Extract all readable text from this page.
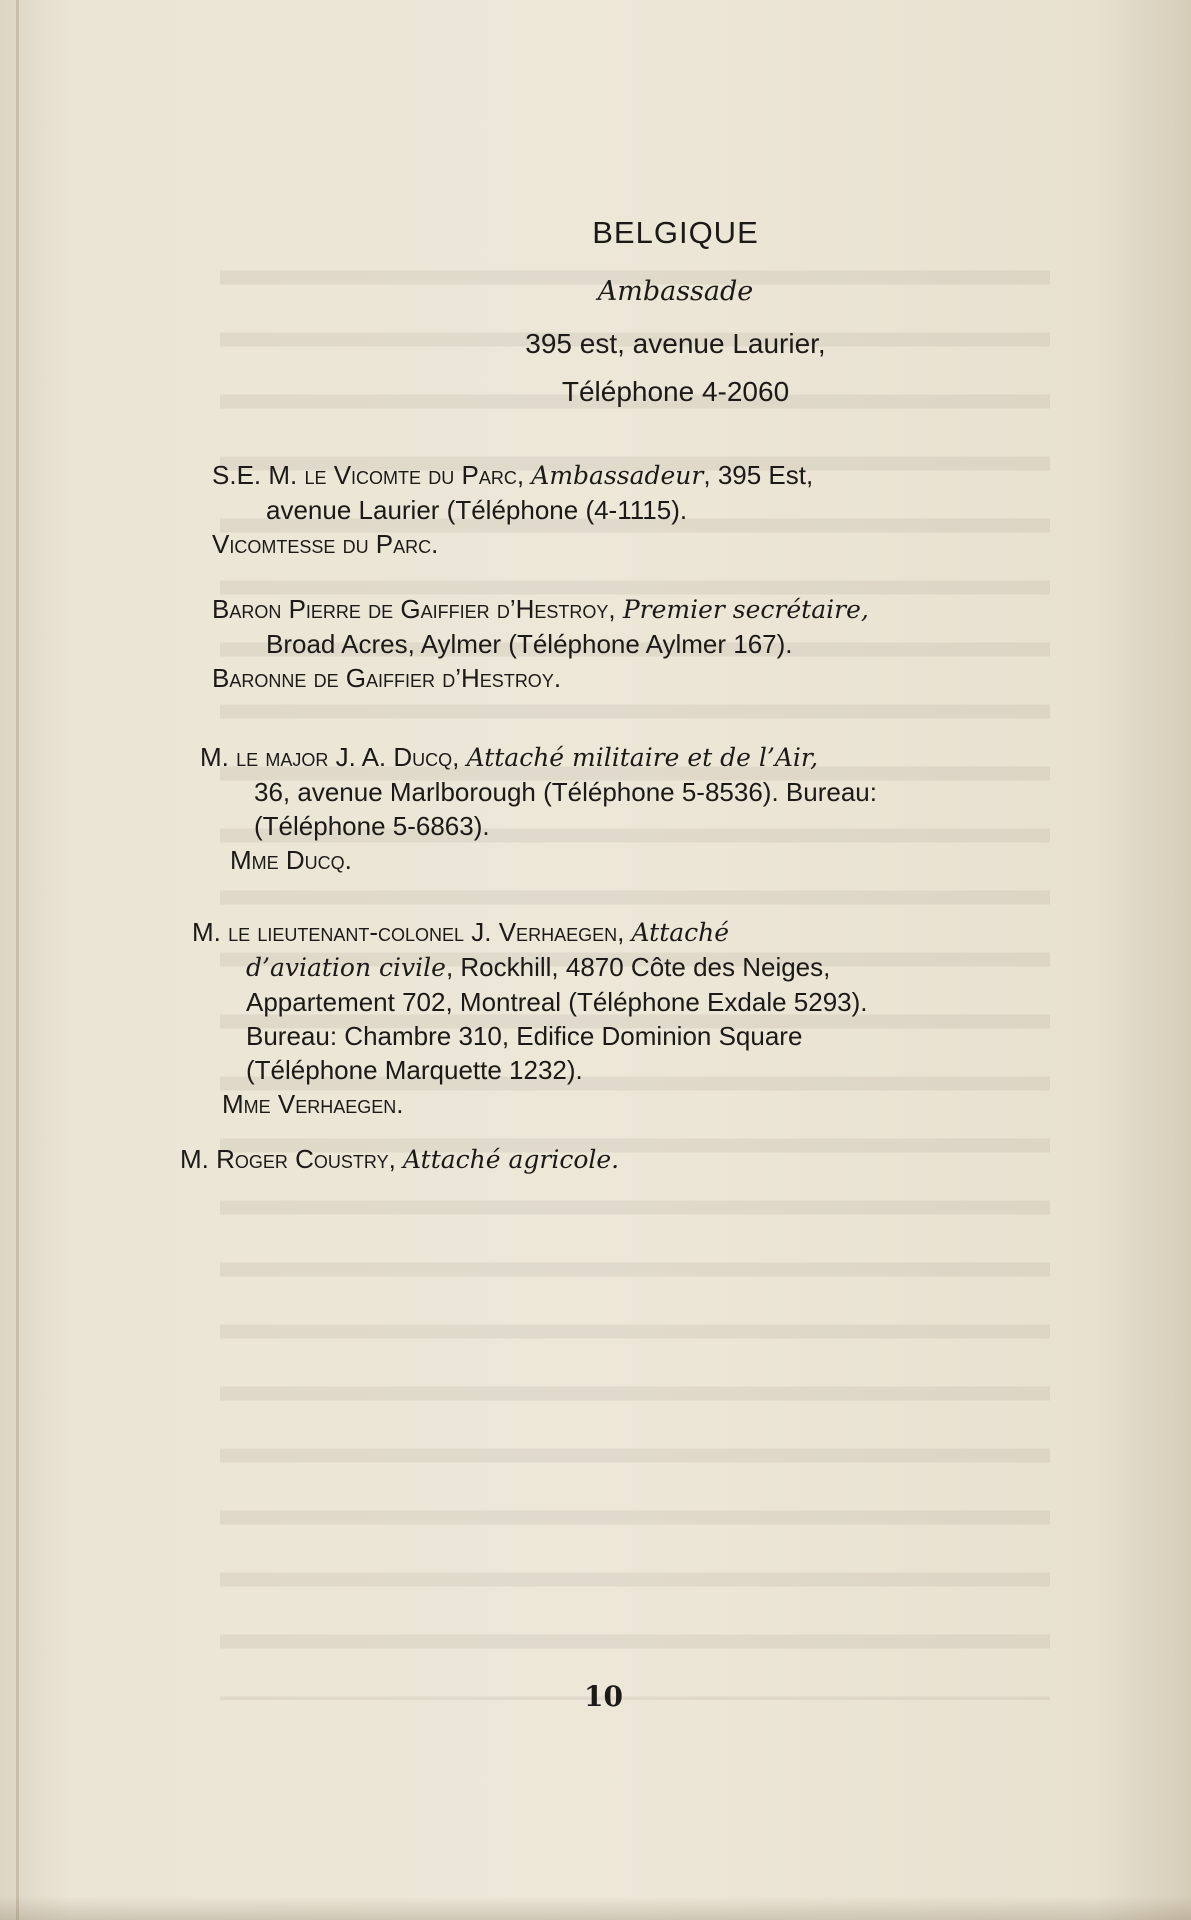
BELGIQUE
Ambassade
395 est, avenue Laurier,
Téléphone 4-2060
S.E. M. le Vicomte du Parc, Ambassadeur, 395 Est,
avenue Laurier (Téléphone (4-1115).
Vicomtesse du Parc.
Baron Pierre de Gaiffier d’Hestroy, Premier secrétaire,
Broad Acres, Aylmer (Téléphone Aylmer 167).
Baronne de Gaiffier d’Hestroy.
M. le major J. A. Ducq, Attaché militaire et de l’Air,
36, avenue Marlborough (Téléphone 5-8536). Bureau:
(Téléphone 5-6863).
Mme Ducq.
M. le lieutenant-colonel J. Verhaegen, Attaché
d’aviation civile, Rockhill, 4870 Côte des Neiges,
Appartement 702, Montreal (Téléphone Exdale 5293).
Bureau: Chambre 310, Edifice Dominion Square
(Téléphone Marquette 1232).
Mme Verhaegen.
M. Roger Coustry, Attaché agricole.
10
